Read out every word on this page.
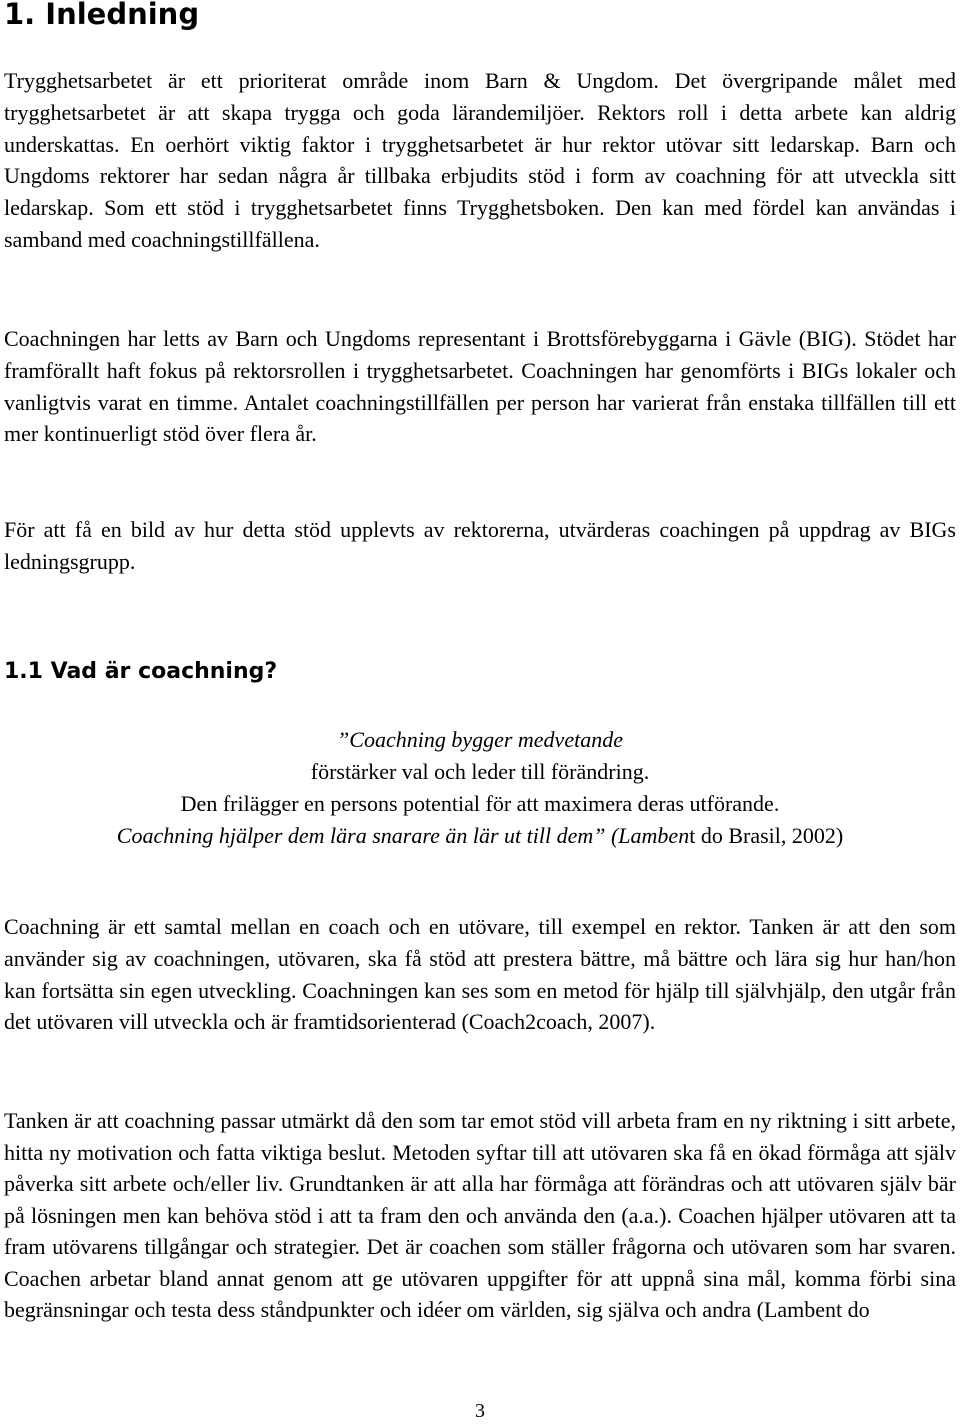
1. Inledning

Trygghetsarbetet är ett prioriterat område inom Barn & Ungdom. Det övergripande målet med trygghetsarbetet är att skapa trygga och goda lärandemiljöer. Rektors roll i detta arbete kan aldrig underskattas. En oerhört viktig faktor i trygghetsarbetet är hur rektor utövar sitt ledarskap. Barn och Ungdoms rektorer har sedan några år tillbaka erbjudits stöd i form av coachning för att utveckla sitt ledarskap. Som ett stöd i trygghetsarbetet finns Trygghetsboken. Den kan med fördel kan användas i samband med coachningstillfällena.

Coachningen har letts av Barn och Ungdoms representant i Brottsförebyggarna i Gävle (BIG). Stödet har framförallt haft fokus på rektorsrollen i trygghetsarbetet. Coachningen har genomförts i BIGs lokaler och vanligtvis varat en timme. Antalet coachningstillfällen per person har varierat från enstaka tillfällen till ett mer kontinuerligt stöd över flera år.

För att få en bild av hur detta stöd upplevts av rektorerna, utvärderas coachingen på uppdrag av BIGs ledningsgrupp.

1.1 Vad är coachning?
”Coachning bygger medvetande
förstärker val och leder till förändring.
Den frilägger en persons potential för att maximera deras utförande.
Coachning hjälper dem lära snarare än lär ut till dem” (Lambent do Brasil, 2002)

Coachning är ett samtal mellan en coach och en utövare, till exempel en rektor. Tanken är att den som använder sig av coachningen, utövaren, ska få stöd att prestera bättre, må bättre och lära sig hur han/hon kan fortsätta sin egen utveckling. Coachningen kan ses som en metod för hjälp till självhjälp, den utgår från det utövaren vill utveckla och är framtidsorienterad (Coach2coach, 2007).

Tanken är att coachning passar utmärkt då den som tar emot stöd vill arbeta fram en ny riktning i sitt arbete, hitta ny motivation och fatta viktiga beslut. Metoden syftar till att utövaren ska få en ökad förmåga att själv påverka sitt arbete och/eller liv. Grundtanken är att alla har förmåga att förändras och att utövaren själv bär på lösningen men kan behöva stöd i att ta fram den och använda den (a.a.). Coachen hjälper utövaren att ta fram utövarens tillgångar och strategier. Det är coachen som ställer frågorna och utövaren som har svaren. Coachen arbetar bland annat genom att ge utövaren uppgifter för att uppnå sina mål, komma förbi sina begränsningar och testa dess ståndpunkter och idéer om världen, sig själva och andra (Lambent do

3
